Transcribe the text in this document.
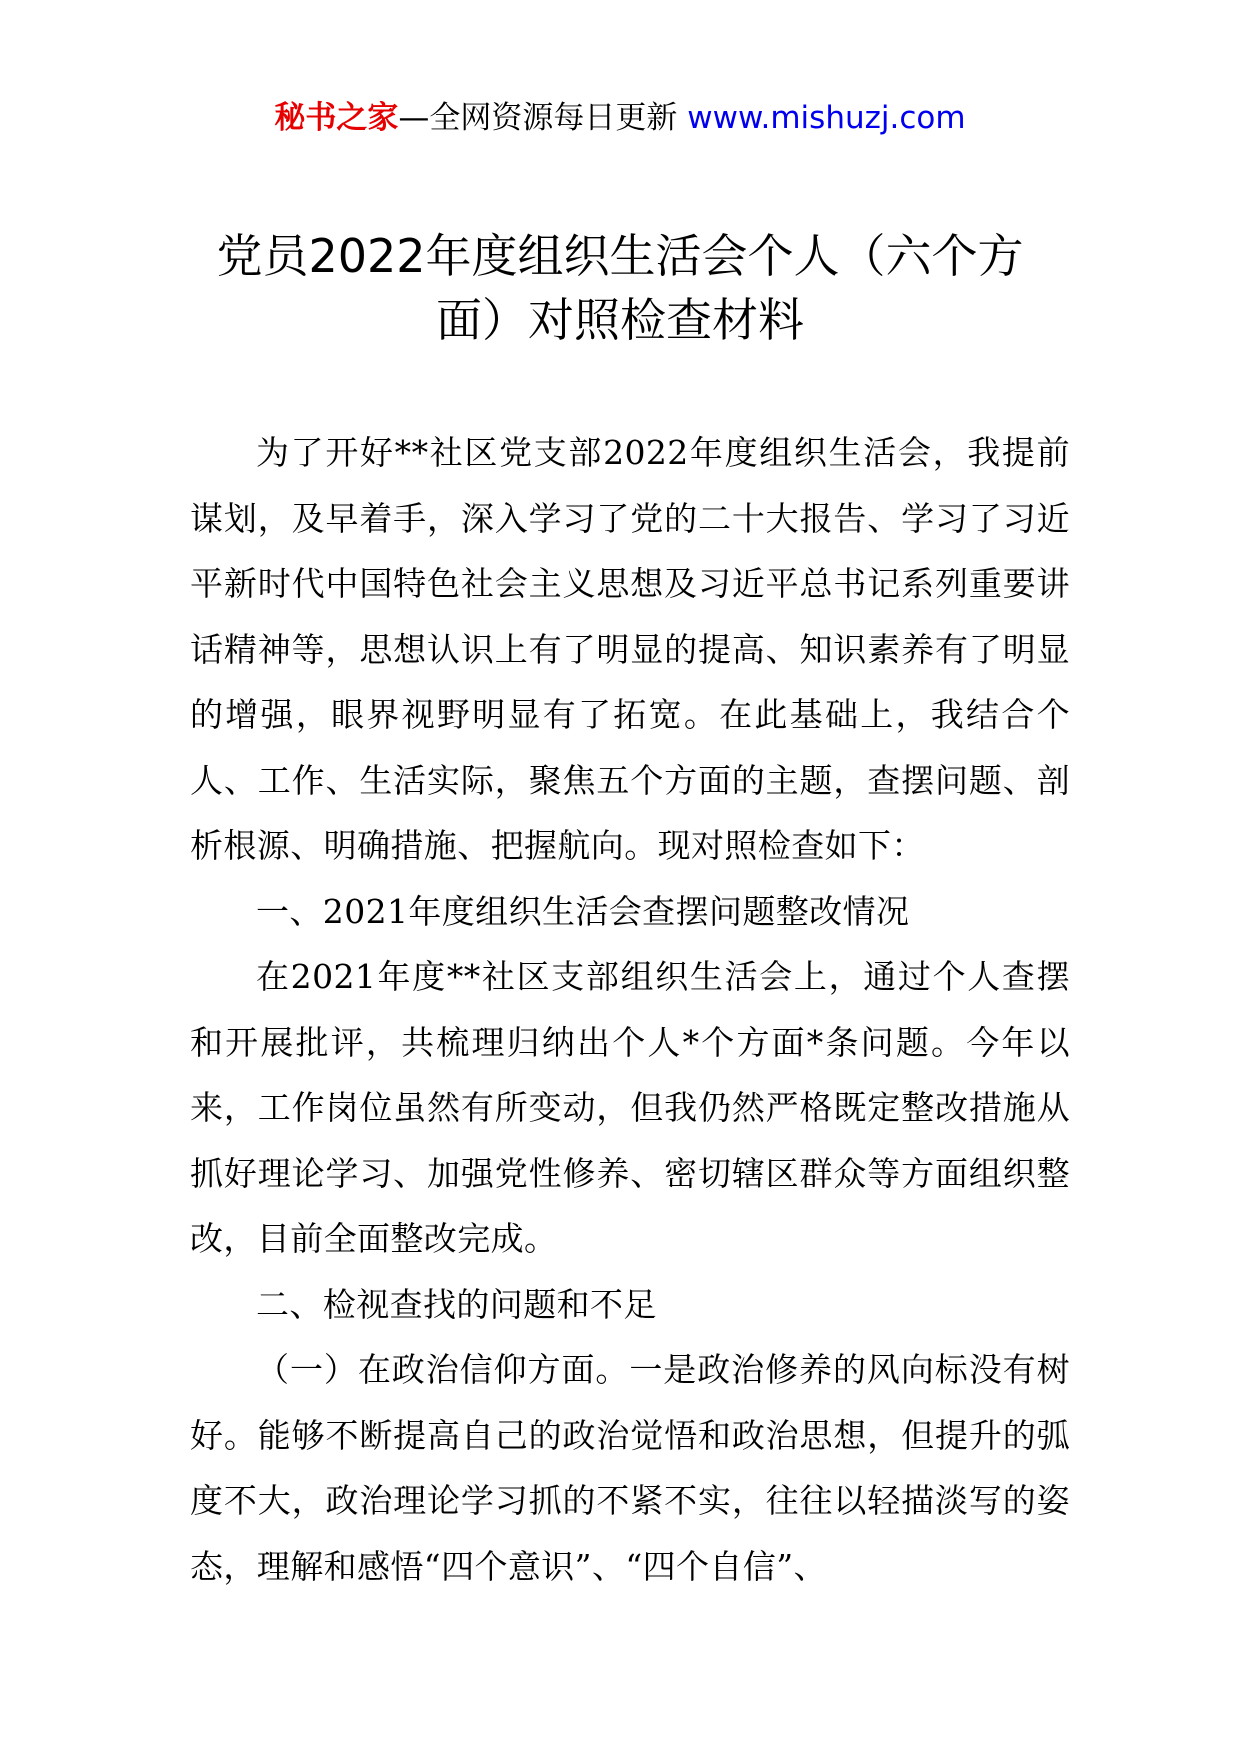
秘书之家—全网资源每日更新 www.mishuzj.com
党员2022年度组织生活会个人（六个方面）对照检查材料

为了开好**社区党支部2022年度组织生活会，我提前谋划，及早着手，深入学习了党的二十大报告、学习了习近平新时代中国特色社会主义思想及习近平总书记系列重要讲话精神等，思想认识上有了明显的提高、知识素养有了明显的增强，眼界视野明显有了拓宽。在此基础上，我结合个人、工作、生活实际，聚焦五个方面的主题，查摆问题、剖析根源、明确措施、把握航向。现对照检查如下：

一、2021年度组织生活会查摆问题整改情况

在2021年度**社区支部组织生活会上，通过个人查摆和开展批评，共梳理归纳出个人*个方面*条问题。今年以来，工作岗位虽然有所变动，但我仍然严格既定整改措施从抓好理论学习、加强党性修养、密切辖区群众等方面组织整改，目前全面整改完成。

二、检视查找的问题和不足

（一）在政治信仰方面。一是政治修养的风向标没有树好。能够不断提高自己的政治觉悟和政治思想，但提升的弧度不大，政治理论学习抓的不紧不实，往往以轻描淡写的姿态，理解和感悟“四个意识”、“四个自信”、
